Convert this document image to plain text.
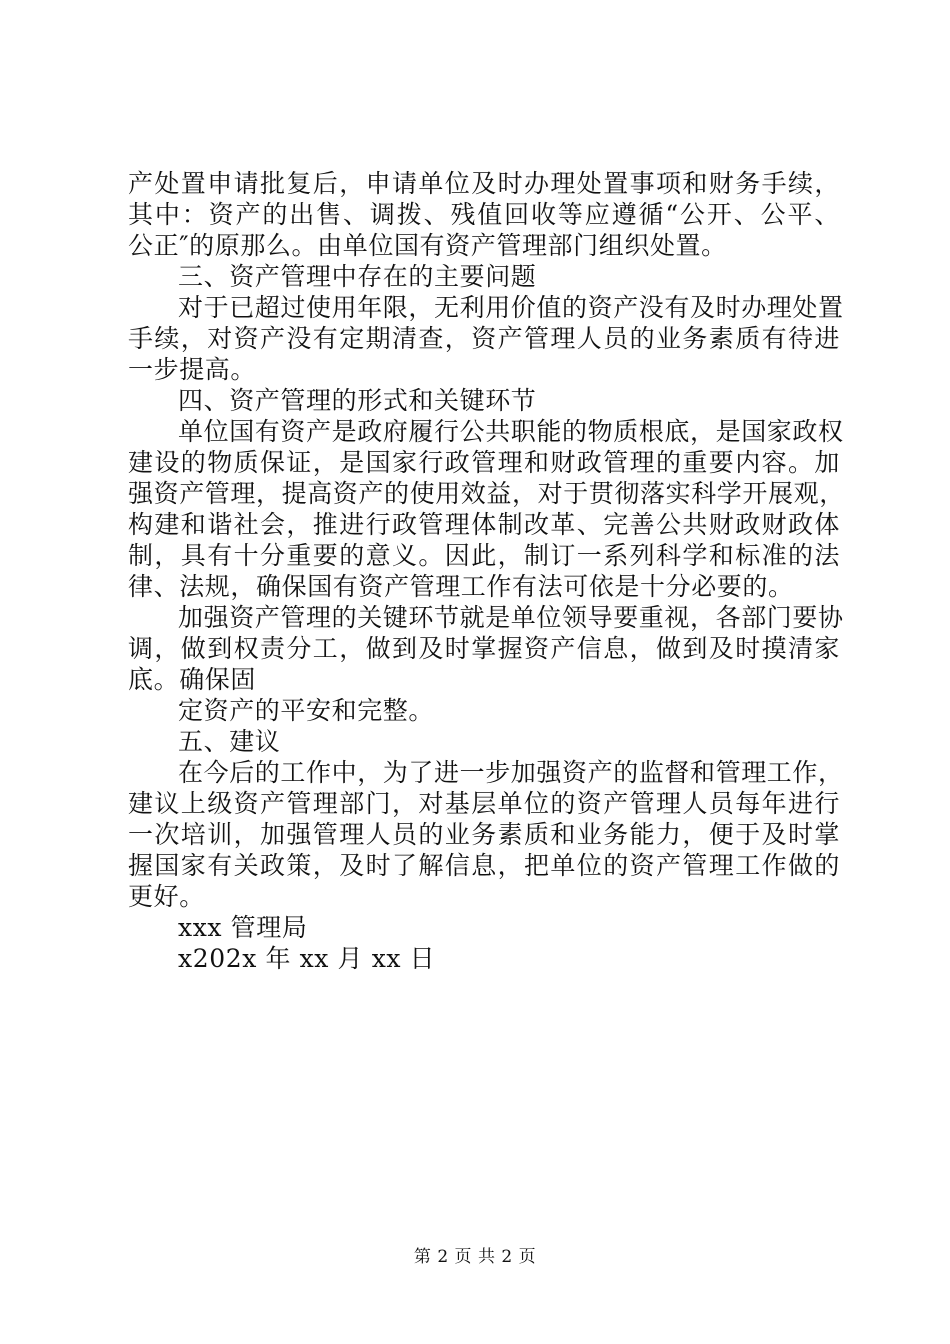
产处置申请批复后，申请单位及时办理处置事项和财务手续，
其中：资产的出售、调拨、残值回收等应遵循“公开、公平、
公正″的原那么。由单位国有资产管理部门组织处置。
三、资产管理中存在的主要问题
对于已超过使用年限，无利用价值的资产没有及时办理处置
手续，对资产没有定期清查，资产管理人员的业务素质有待进
一步提高。
四、资产管理的形式和关键环节
单位国有资产是政府履行公共职能的物质根底，是国家政权
建设的物质保证，是国家行政管理和财政管理的重要内容。加
强资产管理，提高资产的使用效益，对于贯彻落实科学开展观，
构建和谐社会，推进行政管理体制改革、完善公共财政财政体
制，具有十分重要的意义。因此，制订一系列科学和标准的法
律、法规，确保国有资产管理工作有法可依是十分必要的。
加强资产管理的关键环节就是单位领导要重视，各部门要协
调，做到权责分工，做到及时掌握资产信息，做到及时摸清家
底。确保固
定资产的平安和完整。
五、建议
在今后的工作中，为了进一步加强资产的监督和管理工作，
建议上级资产管理部门，对基层单位的资产管理人员每年进行
一次培训，加强管理人员的业务素质和业务能力，便于及时掌
握国家有关政策，及时了解信息，把单位的资产管理工作做的
更好。
xxx 管理局
x202x 年 xx 月 xx 日
第 2 页 共 2 页
